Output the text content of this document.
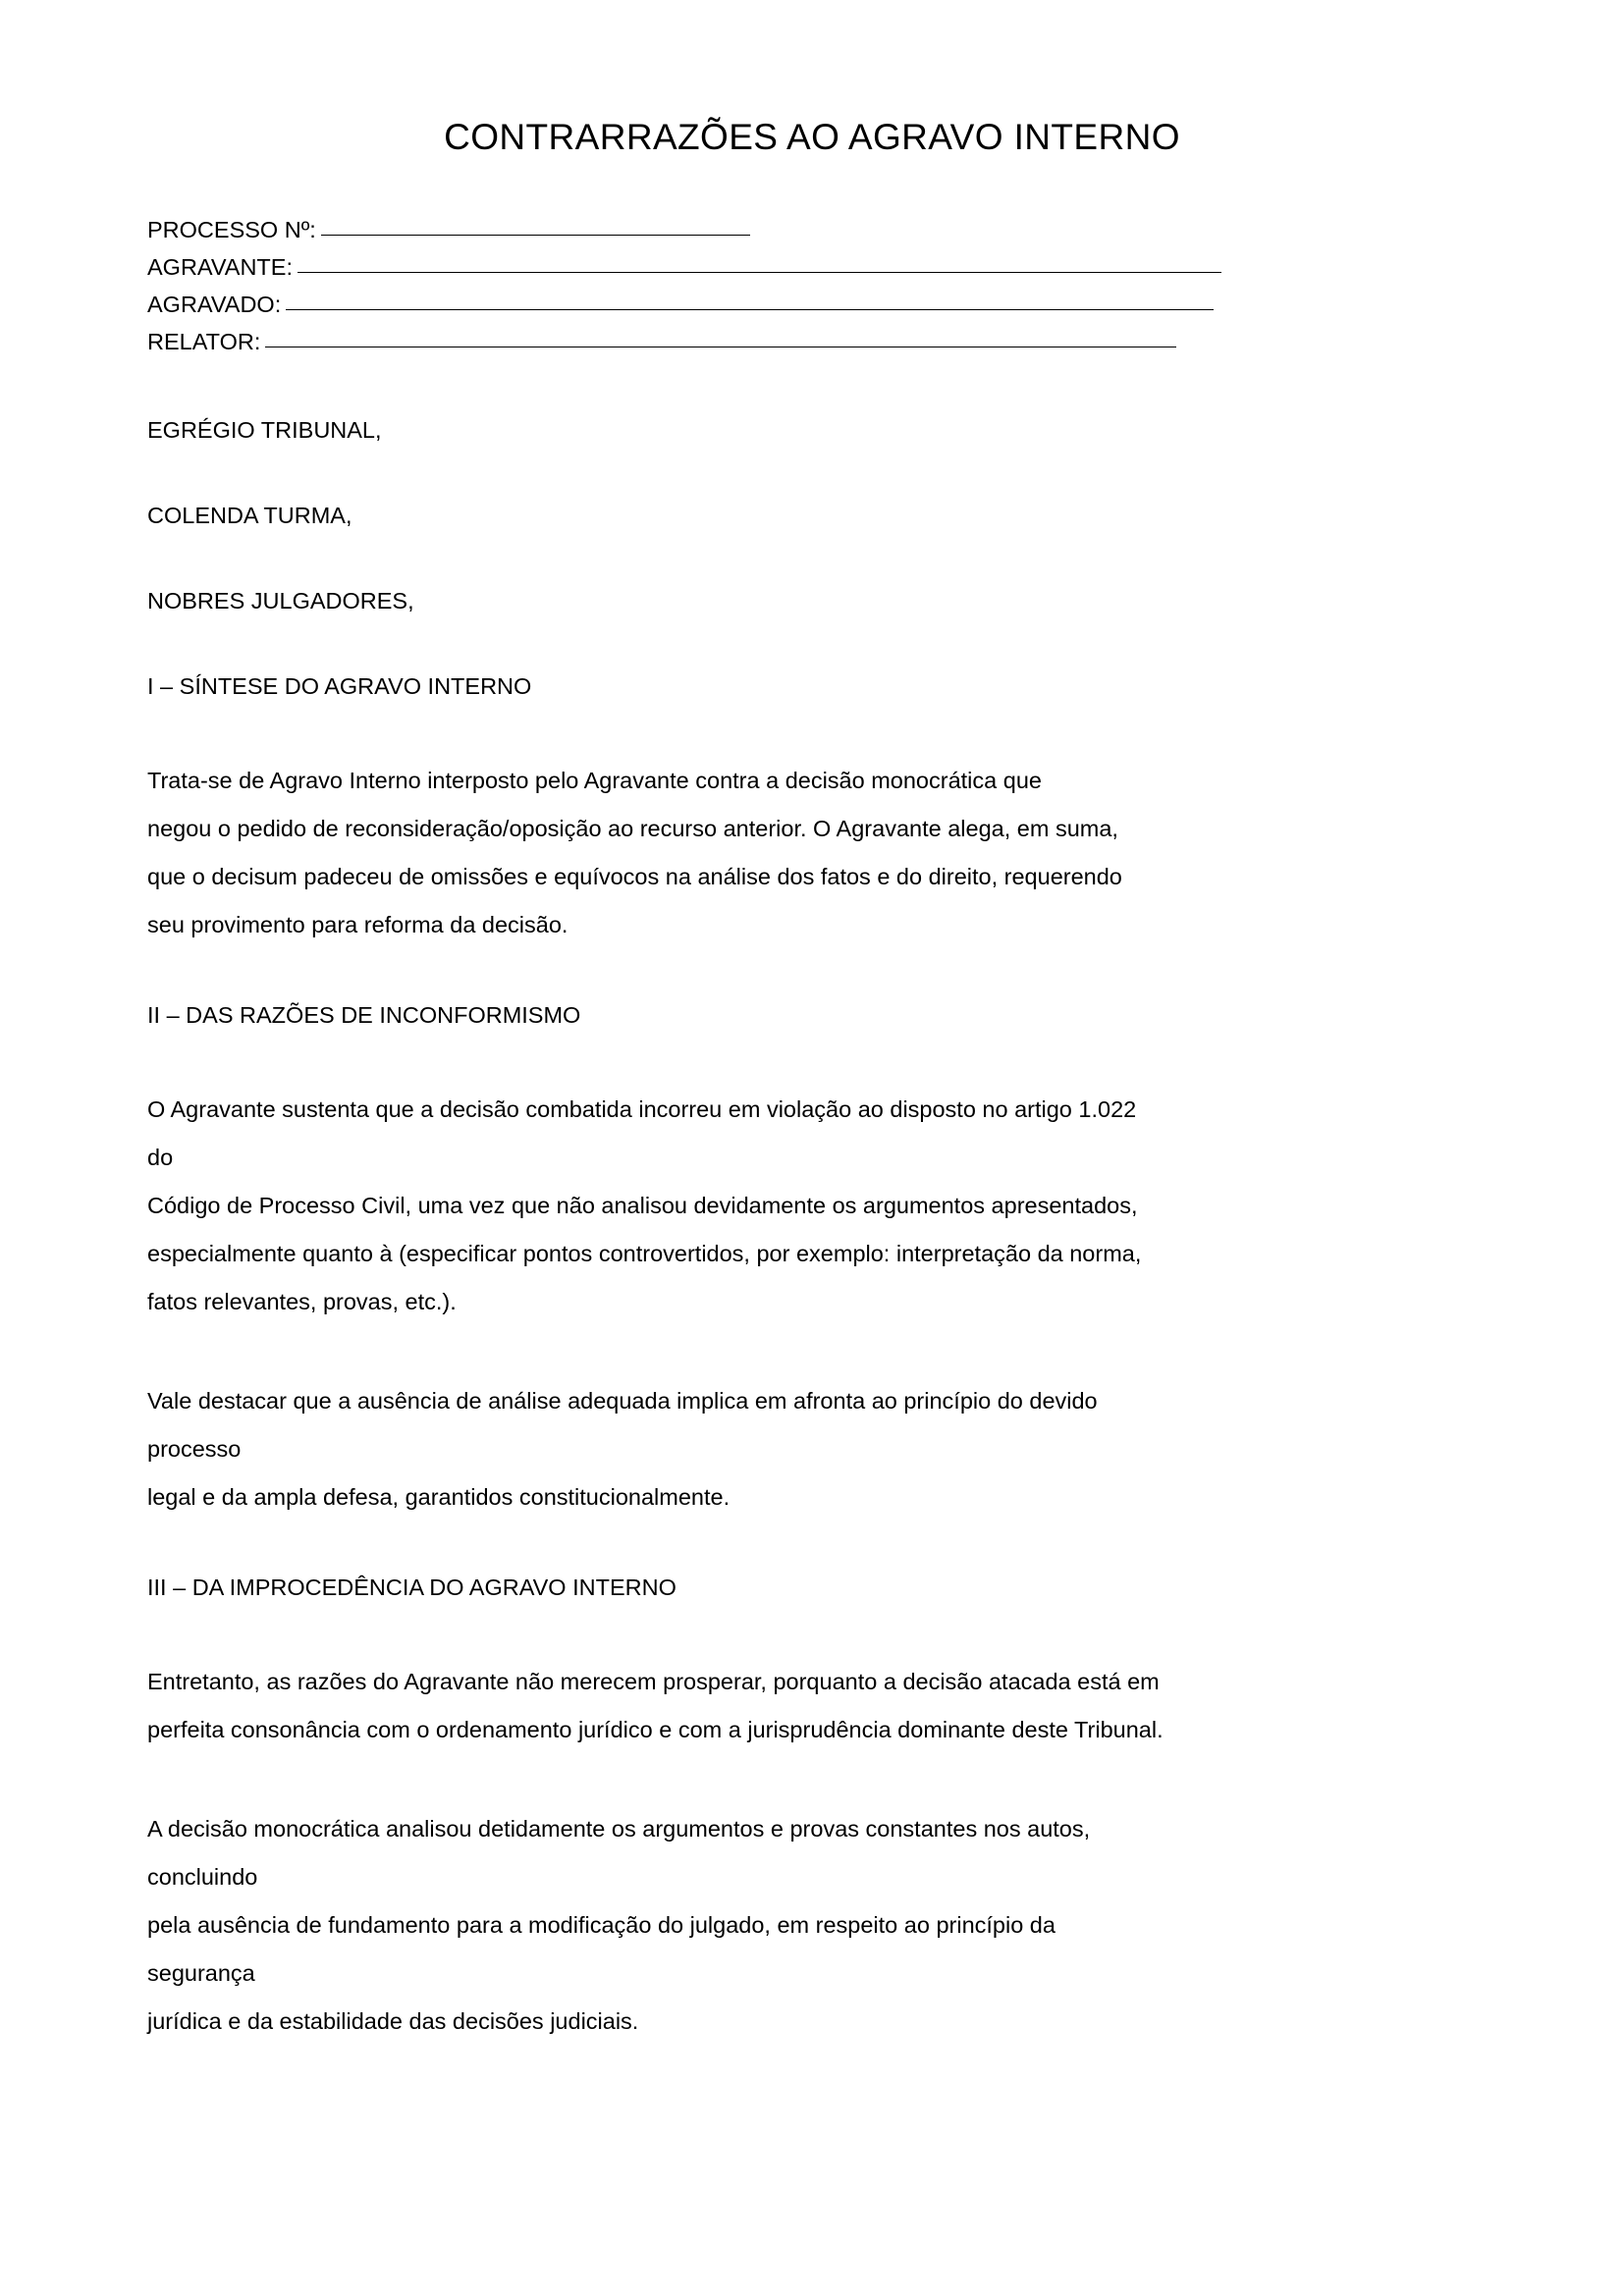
CONTRARRAZÕES AO AGRAVO INTERNO
PROCESSO Nº:
AGRAVANTE:
AGRAVADO:
RELATOR:

EGRÉGIO TRIBUNAL,

COLENDA TURMA,

NOBRES JULGADORES,

I – SÍNTESE DO AGRAVO INTERNO

Trata-se de Agravo Interno interposto pelo Agravante contra a decisão monocrática que
negou o pedido de reconsideração/oposição ao recurso anterior. O Agravante alega, em suma,
que o decisum padeceu de omissões e equívocos na análise dos fatos e do direito, requerendo
seu provimento para reforma da decisão.

II – DAS RAZÕES DE INCONFORMISMO

O Agravante sustenta que a decisão combatida incorreu em violação ao disposto no artigo 1.022
do
Código de Processo Civil, uma vez que não analisou devidamente os argumentos apresentados,
especialmente quanto à (especificar pontos controvertidos, por exemplo: interpretação da norma,
fatos relevantes, provas, etc.).

Vale destacar que a ausência de análise adequada implica em afronta ao princípio do devido
processo
legal e da ampla defesa, garantidos constitucionalmente.

III – DA IMPROCEDÊNCIA DO AGRAVO INTERNO

Entretanto, as razões do Agravante não merecem prosperar, porquanto a decisão atacada está em
perfeita consonância com o ordenamento jurídico e com a jurisprudência dominante deste Tribunal.

A decisão monocrática analisou detidamente os argumentos e provas constantes nos autos,
concluindo
pela ausência de fundamento para a modificação do julgado, em respeito ao princípio da
segurança
jurídica e da estabilidade das decisões judiciais.
